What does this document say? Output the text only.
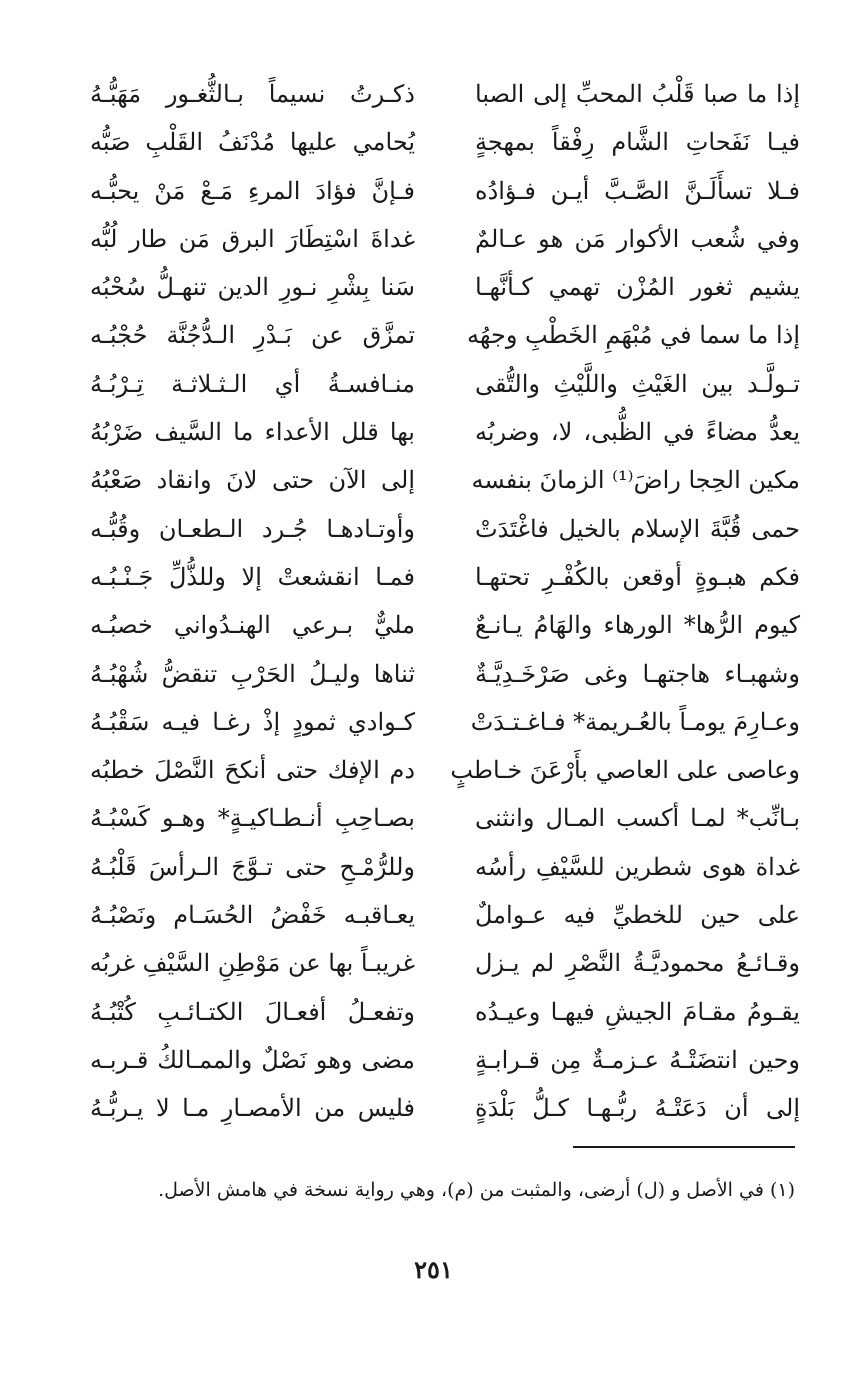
إذا ما صبا قَلْبُ المحبِّ إلى الصبا
ذكـرتُ نسيماً بـالثُّغـور مَهَبُّـهُ
فيـا نَفَحاتِ الشَّام رِفْقاً بمهجةٍ
يُحامي عليها مُدْنَفُ القَلْبِ صَبُّه
فـلا تسأَلَـنَّ الصَّـبَّ أيـن فـؤادُه
فـإنَّ فؤادَ المرءِ مَـعْ مَنْ يحبُّـه
وفي شُعب الأكوار مَن هو عـالمٌ
غداةَ اسْتِطَارَ البرق مَن طار لُبُّه
يشيم ثغور المُزْن تهمي كـأنَّهـا
سَنا بِشْرِ نـورِ الدين تنهـلُّ سُحْبُه
إذا ما سما في مُبْهَمِ الخَطْبِ وجهُه
تمزَّق عن بَـدْرِ الـدُّجُنَّة حُجْبُـه
تـولَّـد بين الغَيْثِ واللَّيْثِ والتُّقى
منـافسـةُ أي الـثـلاثـة تِـرْبُـهُ
يعدُّ مضاءً في الظُّبى، لا، وضربُه
بها قلل الأعداء ما السَّيف ضَرْبُهُ
مكين الحِجا راضَ⁽¹⁾ الزمانَ بنفسه
إلى الآن حتى لانَ وانقاد صَعْبُهُ
حمى قُبَّةَ الإسلام بالخيل فاغْتَدَتْ
وأوتـادهـا جُـرد الـطعـان وقُبُّـه
فكم هبـوةٍ أوقعن بالكُفْـرِ تحتهـا
فمـا انقشعتْ إلا وللذُّلِّ جَـنْـبُـه
كيوم الرُّها* الورهاء والهَامُ يـانـعٌ
مليٌّ بـرعي الهنـدُواني خصبُـه
وشهبـاء هاجتهـا وغى صَرْخَـدِيَّـةٌ
ثناها وليـلُ الحَرْبِ تنقضُّ شُهْبُـهُ
وعـارِمَ يومـاً بالعُـريمة* فـاغـتـدَتْ
كـوادي ثمودٍ إذْ رغـا فيـه سَقْبُـهُ
وعاصى على العاصي بأَرْعَنَ خـاطبٍ
دم الإفك حتى أنكحَ النَّصْلَ خطبُه
بـانِّب* لمـا أكسب المـال وانثنى
بصـاحِبِ أنـطـاكيـةٍ* وهـو كَسْبُـهُ
غداة هوى شطرين للسَّيْفِ رأسُه
وللرُّمْـحِ حتى تـوَّجَ الـرأسَ قَلْبُـهُ
على حين للخطيِّ فيه عـواملٌ
يعـاقبـه خَفْضُ الحُسَـام ونَصْبُـهُ
وقـائـعُ محموديَّـةُ النَّصْرِ لم يـزل
غريبـاً بها عن مَوْطِنِ السَّيْفِ غربُه
يقـومُ مقـامَ الجيشِ فيهـا وعيـدُه
وتفعـلُ أفعـالَ الكتـائـبِ كُتْبُـهُ
وحين انتضَتْـهُ عـزمـةٌ مِن قـرابـةٍ
مضى وهو نَصْلٌ والممـالكُ قـربـه
إلى أن دَعَتْـهُ ربُّـهـا كـلُّ بَلْدَةٍ
فليس من الأمصـارِ مـا لا يـربُّـهُ
(١) في الأصل و (ل) أرضى، والمثبت من (م)، وهي رواية نسخة في هامش الأصل.
٢٥١
